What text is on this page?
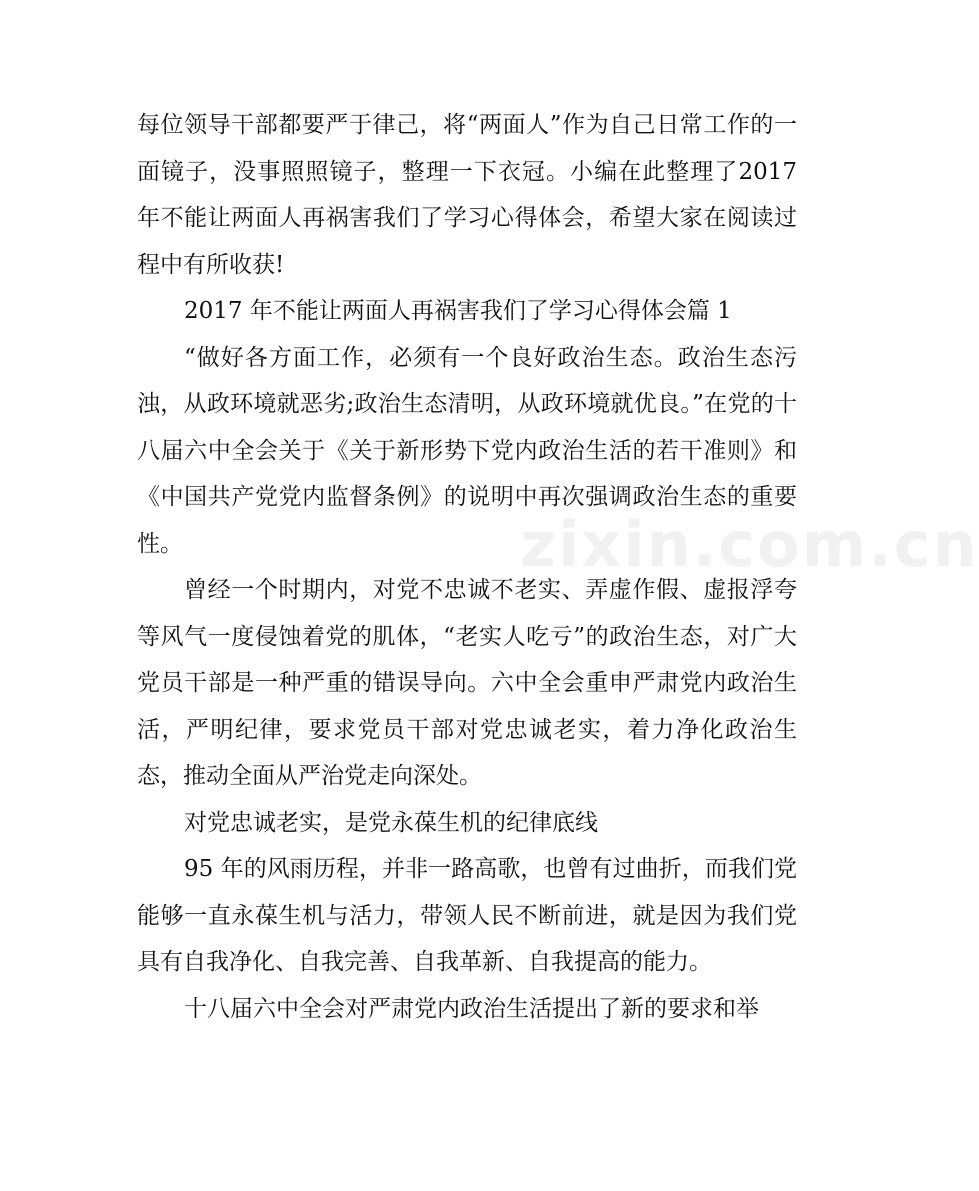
zixin.com.cn

每位领导干部都要严于律己，将“两面人”作为自己日常工作的一面镜子，没事照照镜子，整理一下衣冠。小编在此整理了2017 年不能让两面人再祸害我们了学习心得体会，希望大家在阅读过程中有所收获!

2017 年不能让两面人再祸害我们了学习心得体会篇 1

“做好各方面工作，必须有一个良好政治生态。政治生态污浊，从政环境就恶劣;政治生态清明，从政环境就优良。”在党的十八届六中全会关于《关于新形势下党内政治生活的若干准则》和《中国共产党党内监督条例》的说明中再次强调政治生态的重要性。

曾经一个时期内，对党不忠诚不老实、弄虚作假、虚报浮夸等风气一度侵蚀着党的肌体，“老实人吃亏”的政治生态，对广大党员干部是一种严重的错误导向。六中全会重申严肃党内政治生活，严明纪律，要求党员干部对党忠诚老实，着力净化政治生态，推动全面从严治党走向深处。

对党忠诚老实，是党永葆生机的纪律底线

95 年的风雨历程，并非一路高歌，也曾有过曲折，而我们党能够一直永葆生机与活力，带领人民不断前进，就是因为我们党具有自我净化、自我完善、自我革新、自我提高的能力。

十八届六中全会对严肃党内政治生活提出了新的要求和举
